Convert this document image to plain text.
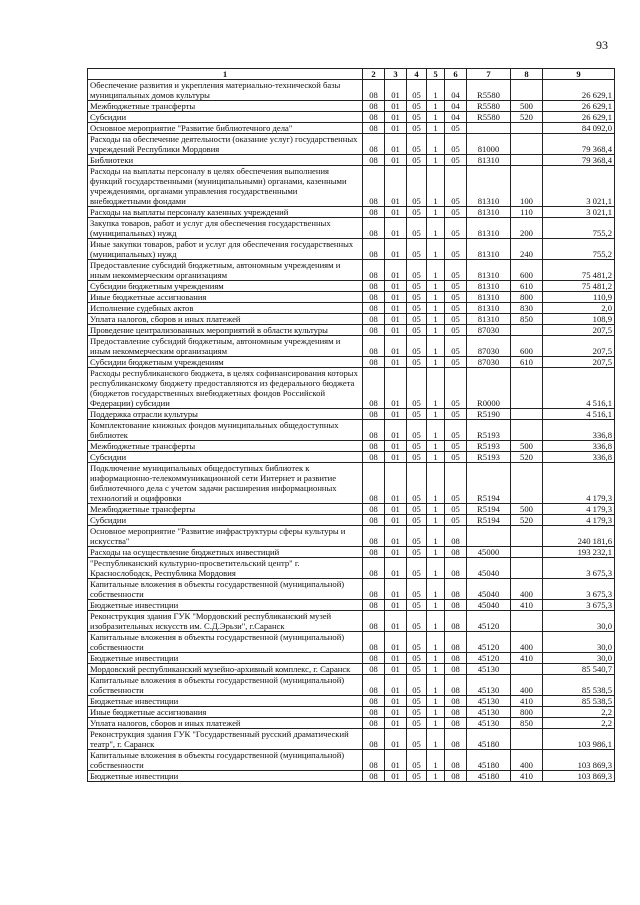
93
1	2	3	4	5	6	7	8	9
Обеспечение развития и укрепления материально-технической базы муниципальных домов культуры	08	01	05	1	04	R5580		26 629,1
Межбюджетные трансферты	08	01	05	1	04	R5580	500	26 629,1
Субсидии	08	01	05	1	04	R5580	520	26 629,1
Основное мероприятие "Развитие библиотечного дела"	08	01	05	1	05			84 092,0
Расходы на обеспечение деятельности (оказание услуг) государственных учреждений Республики Мордовия	08	01	05	1	05	81000		79 368,4
Библиотеки	08	01	05	1	05	81310		79 368,4
Расходы на выплаты персоналу в целях обеспечения выполнения функций государственными (муниципальными) органами, казенными учреждениями, органами управления государственными внебюджетными фондами	08	01	05	1	05	81310	100	3 021,1
Расходы на выплаты персоналу казенных учреждений	08	01	05	1	05	81310	110	3 021,1
Закупка товаров, работ и услуг для обеспечения государственных (муниципальных) нужд	08	01	05	1	05	81310	200	755,2
Иные закупки товаров, работ и услуг для обеспечения государственных (муниципальных) нужд	08	01	05	1	05	81310	240	755,2
Предоставление субсидий бюджетным, автономным учреждениям и иным некоммерческим организациям	08	01	05	1	05	81310	600	75 481,2
Субсидии бюджетным учреждениям	08	01	05	1	05	81310	610	75 481,2
Иные бюджетные ассигнования	08	01	05	1	05	81310	800	110,9
Исполнение судебных актов	08	01	05	1	05	81310	830	2,0
Уплата налогов, сборов и иных платежей	08	01	05	1	05	81310	850	108,9
Проведение централизованных мероприятий в области культуры	08	01	05	1	05	87030		207,5
Предоставление субсидий бюджетным, автономным учреждениям и иным некоммерческим организациям	08	01	05	1	05	87030	600	207,5
Субсидии бюджетным учреждениям	08	01	05	1	05	87030	610	207,5
Расходы республиканского бюджета, в целях софинансирования которых республиканскому бюджету предоставляются из федерального бюджета (бюджетов государственных внебюджетных фондов Российской Федерации) субсидии	08	01	05	1	05	R0000		4 516,1
Поддержка отрасли культуры	08	01	05	1	05	R5190		4 516,1
Комплектование книжных фондов муниципальных общедоступных библиотек	08	01	05	1	05	R5193		336,8
Межбюджетные трансферты	08	01	05	1	05	R5193	500	336,8
Субсидии	08	01	05	1	05	R5193	520	336,8
Подключение муниципальных общедоступных библиотек к информационно-телекоммуникационной сети Интернет и развитие библиотечного дела с учетом задачи расширения информационных технологий и оцифровки	08	01	05	1	05	R5194		4 179,3
Межбюджетные трансферты	08	01	05	1	05	R5194	500	4 179,3
Субсидии	08	01	05	1	05	R5194	520	4 179,3
Основное мероприятие "Развитие инфраструктуры сферы культуры и искусства"	08	01	05	1	08			240 181,6
Расходы на осуществление бюджетных инвестиций	08	01	05	1	08	45000		193 232,1
"Республиканский культурно-просветительский центр" г. Краснослободск, Республика Мордовия	08	01	05	1	08	45040		3 675,3
Капитальные вложения в объекты государственной (муниципальной) собственности	08	01	05	1	08	45040	400	3 675,3
Бюджетные инвестиции	08	01	05	1	08	45040	410	3 675,3
Реконструкция здания ГУК "Мордовский республиканский музей изобразительных искусств им. С.Д.Эрьзи", г.Саранск	08	01	05	1	08	45120		30,0
Капитальные вложения в объекты государственной (муниципальной) собственности	08	01	05	1	08	45120	400	30,0
Бюджетные инвестиции	08	01	05	1	08	45120	410	30,0
Мордовский республиканский музейно-архивный комплекс, г. Саранск	08	01	05	1	08	45130		85 540,7
Капитальные вложения в объекты государственной (муниципальной) собственности	08	01	05	1	08	45130	400	85 538,5
Бюджетные инвестиции	08	01	05	1	08	45130	410	85 538,5
Иные бюджетные ассигнования	08	01	05	1	08	45130	800	2,2
Уплата налогов, сборов и иных платежей	08	01	05	1	08	45130	850	2,2
Реконструкция здания ГУК "Государственный русский драматический театр", г. Саранск	08	01	05	1	08	45180		103 986,1
Капитальные вложения в объекты государственной (муниципальной) собственности	08	01	05	1	08	45180	400	103 869,3
Бюджетные инвестиции	08	01	05	1	08	45180	410	103 869,3
